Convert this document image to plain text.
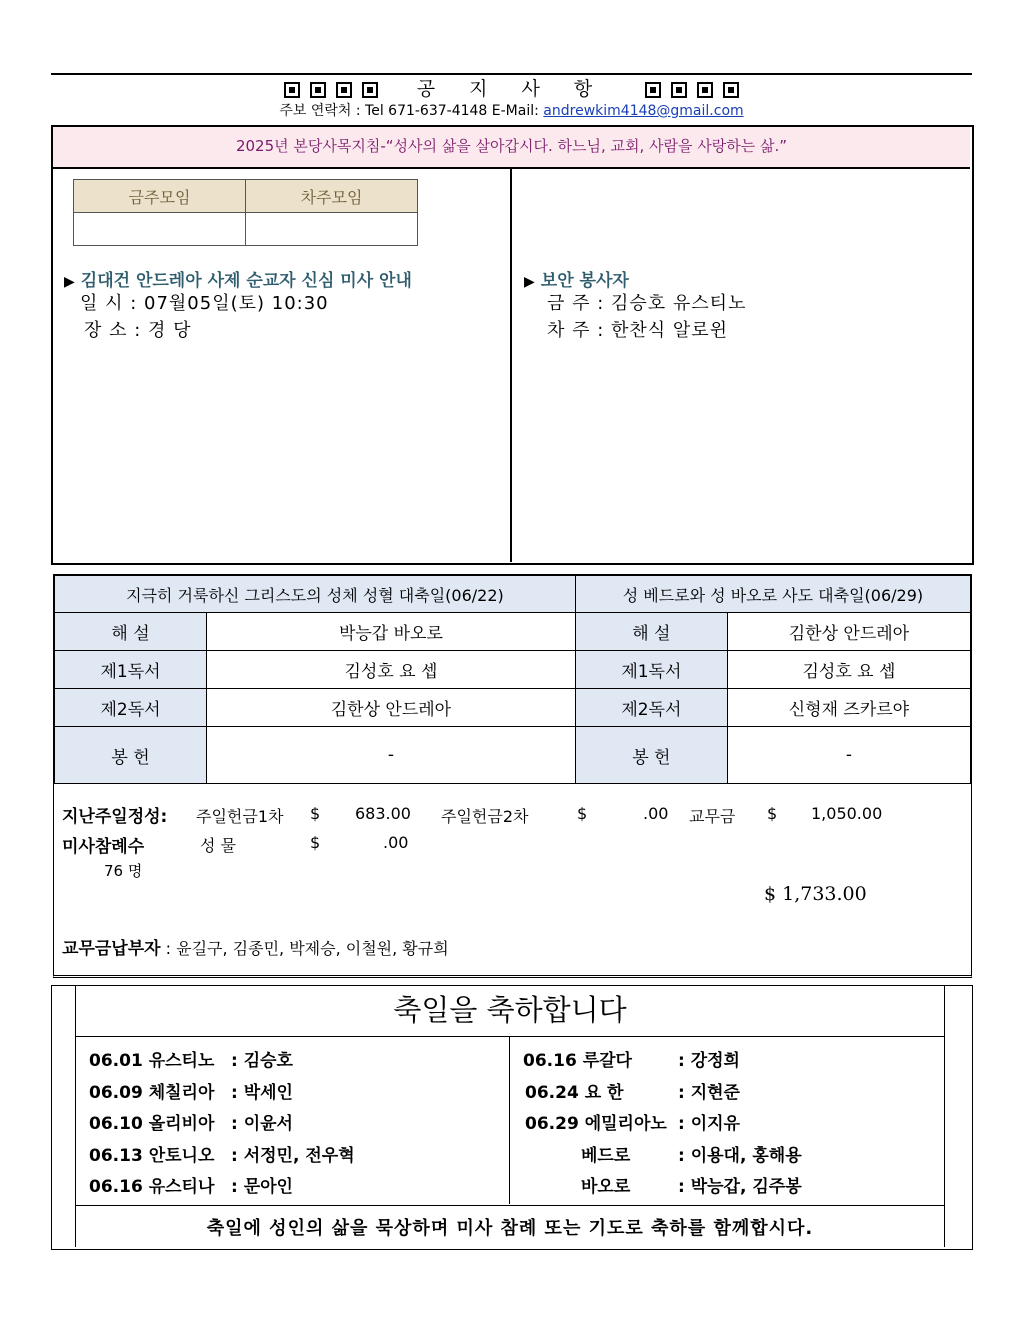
공 지 사 항
주보 연락처 : Tel 671-637-4148 E-Mail: andrewkim4148@gmail.com
2025년 본당사목지침-“성사의 삶을 살아갑시다. 하느님, 교회, 사람을 사랑하는 삶.”
금주모임	차주모임

▶ 김대건 안드레아 사제 순교자 신심 미사 안내
일 시 : 07월05일(토) 10:30
장 소 : 경 당
▶ 보안 봉사자
금 주 : 김승호 유스티노
차 주 : 한찬식 알로윈
지극히 거룩하신 그리스도의 성체 성혈 대축일(06/22)		성 베드로와 성 바오로 사도 대축일(06/29)	
해 설	박능갑 바오로	해 설	김한상 안드레아
제1독서	김성호 요 셉	제1독서	김성호 요 셉
제2독서	김한상 안드레아	제2독서	신형재 즈카르야
봉 헌	-	봉 헌	-
지난주일정성: 주일헌금1차 $ 683.00 주일헌금2차	$	.00 교무금 $ 1,050.00
미사참례수	성 물	$	.00
76 명
$ 1,733.00
교무금납부자 : 윤길구, 김종민, 박제승, 이철원, 황규희
축일을 축하합니다
06.01 유스티노 : 김승호
06.09 체칠리아 : 박세인
06.10 올리비아 : 이윤서
06.13 안토니오 : 서정민, 전우혁
06.16 유스티나 : 문아인
06.16 루갈다	: 강정희
06.24 요 한	: 지현준
06.29 에밀리아노 : 이지유
베드로	: 이용대, 홍해용
바오로	: 박능갑, 김주봉
축일에 성인의 삶을 묵상하며 미사 참례 또는 기도로 축하를 함께합시다.
